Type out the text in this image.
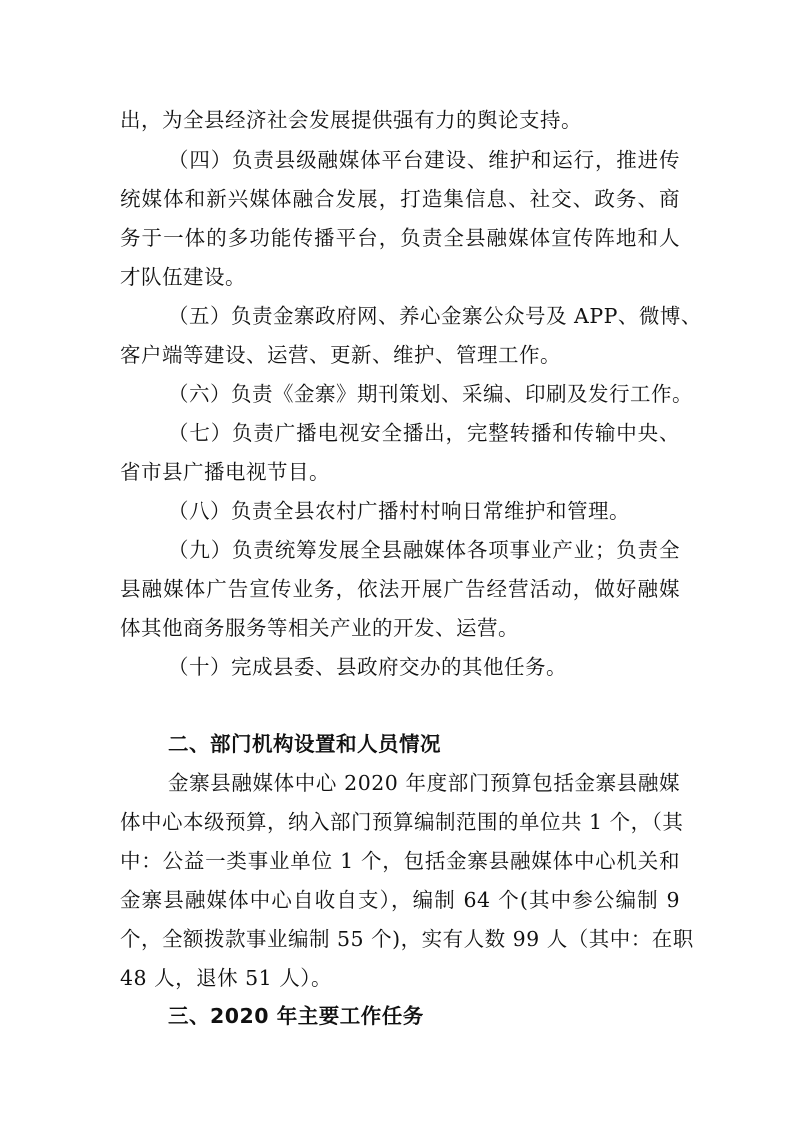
出，为全县经济社会发展提供强有力的舆论支持。
（四）负责县级融媒体平台建设、维护和运行，推进传
统媒体和新兴媒体融合发展，打造集信息、社交、政务、商
务于一体的多功能传播平台，负责全县融媒体宣传阵地和人
才队伍建设。
（五）负责金寨政府网、养心金寨公众号及 APP、微博、
客户端等建设、运营、更新、维护、管理工作。
（六）负责《金寨》期刊策划、采编、印刷及发行工作。
（七）负责广播电视安全播出，完整转播和传输中央、
省市县广播电视节目。
（八）负责全县农村广播村村响日常维护和管理。
（九）负责统筹发展全县融媒体各项事业产业；负责全
县融媒体广告宣传业务，依法开展广告经营活动，做好融媒
体其他商务服务等相关产业的开发、运营。
（十）完成县委、县政府交办的其他任务。
二、部门机构设置和人员情况
金寨县融媒体中心 2020 年度部门预算包括金寨县融媒
体中心本级预算，纳入部门预算编制范围的单位共 1 个，（其
中：公益一类事业单位 1 个，包括金寨县融媒体中心机关和
金寨县融媒体中心自收自支），编制 64 个(其中参公编制 9
个，全额拨款事业编制 55 个)，实有人数 99 人（其中：在职
48 人，退休 51 人）。
三、2020 年主要工作任务
